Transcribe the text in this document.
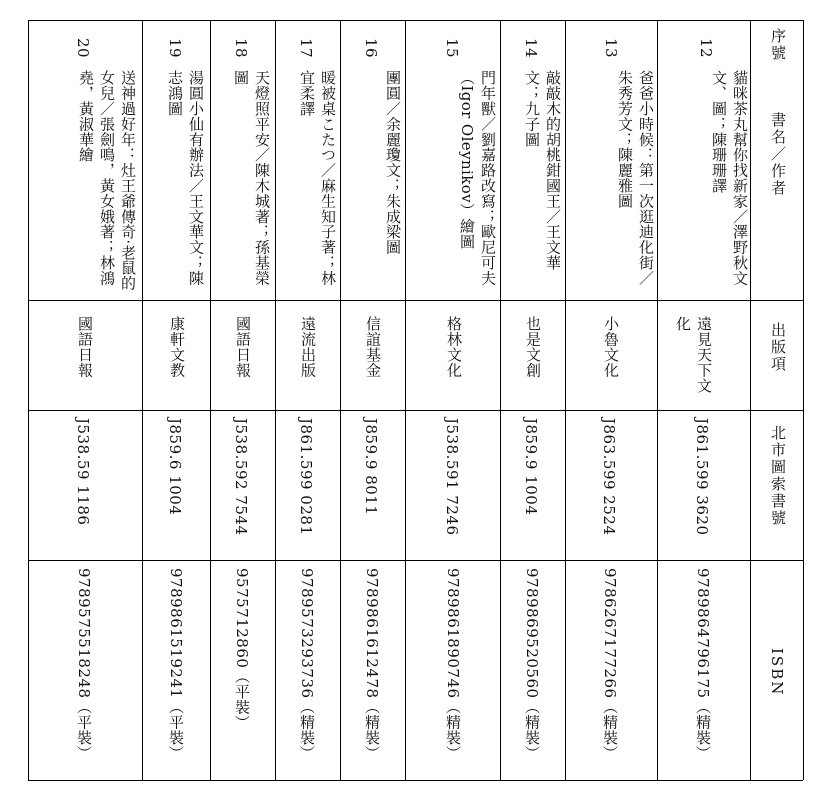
序號
書名／作者
出版項
北市圖索書號
ISBN
12
貓咪茶丸幫你找新家／澤野秋文文、圖；陳珊珊譯
遠見天下文化
J861.599 3620
9789864796175（精裝）
13
爸爸小時候：第一次逛迪化街／朱秀芳文；陳麗雅圖
小魯文化
J863.599 2524
9786267177266（精裝）
14
敲敲木的胡桃鉗國王／王文華文；九子圖
也是文創
J859.9 1004
9789869520560（精裝）
15
門年獸／劉嘉路改寫；歐尼可夫（Igor Oleynikov）繪圖
格林文化
J538.591 7246
9789861890746（精裝）
16
團圓／余麗瓊文；朱成梁圖
信誼基金
J859.9 8011
9789861612478（精裝）
17
暖被桌こたつ／麻生知子著；林宜柔譯
遠流出版
J861.599 0281
9789573293736（精裝）
18
天燈照平安／陳木城著；孫基榮圖
國語日報
J538.592 7544
9575712860（平裝）
19
湯圓小仙有辦法／王文華文；陳志鴻圖
康軒文教
J859.6 1004
9789861519241（平裝）
20
送神過好年：灶王爺傳奇‧老鼠的女兒／張劍鳴，黃女娥著；林鴻堯，黃淑華繪
國語日報
J538.59 1186
9789575518248（平裝）
